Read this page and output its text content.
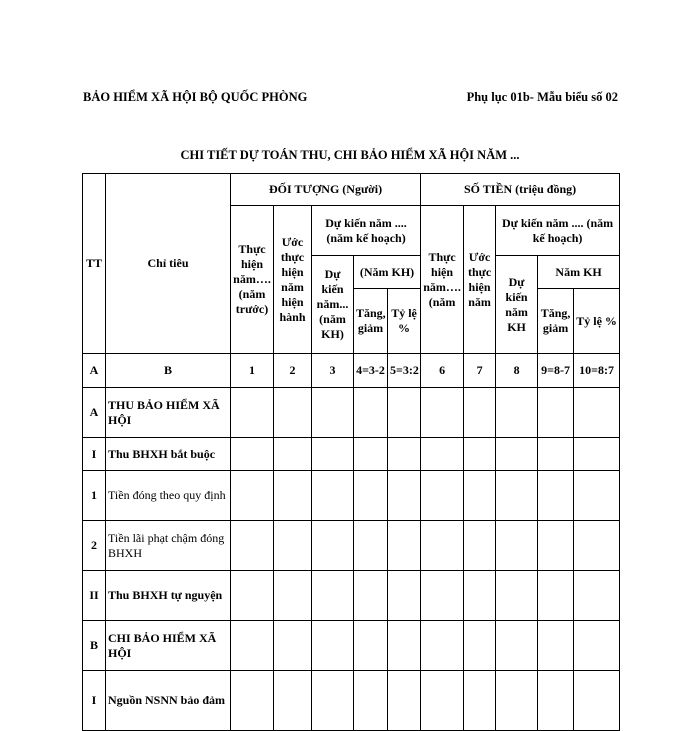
BẢO HIỂM XÃ HỘI BỘ QUỐC PHÒNG	Phụ lục 01b- Mẫu biểu số 02
CHI TIẾT DỰ TOÁN THU, CHI BẢO HIỂM XÃ HỘI NĂM ...
TT	Chỉ tiêu	ĐỐI TƯỢNG (Người)					SỐ TIỀN (triệu đồng)				
		Thực hiện năm…. (năm trước)	Ước thực hiện năm hiện hành	Dự kiến năm .... (năm kế hoạch)			Thực hiện năm…. (năm	Ước thực hiện năm	Dự kiến năm .... (năm kế hoạch)		
				Dự kiến năm... (năm KH)	(Năm KH)				Dự kiến năm KH	Năm KH	
					Tăng, giảm	Tỷ lệ %				Tăng, giảm	Tỷ lệ %
A	B	1	2	3	4=3-2	5=3:2	6	7	8	9=8-7	10=8:7
A	THU BẢO HIỂM XÃ HỘI										
I	Thu BHXH bắt buộc										
1	Tiền đóng theo quy định										
2	Tiền lãi phạt chậm đóng BHXH										
II	Thu BHXH tự nguyện										
B	CHI BẢO HIỂM XÃ HỘI										
I	Nguồn NSNN bảo đảm										
